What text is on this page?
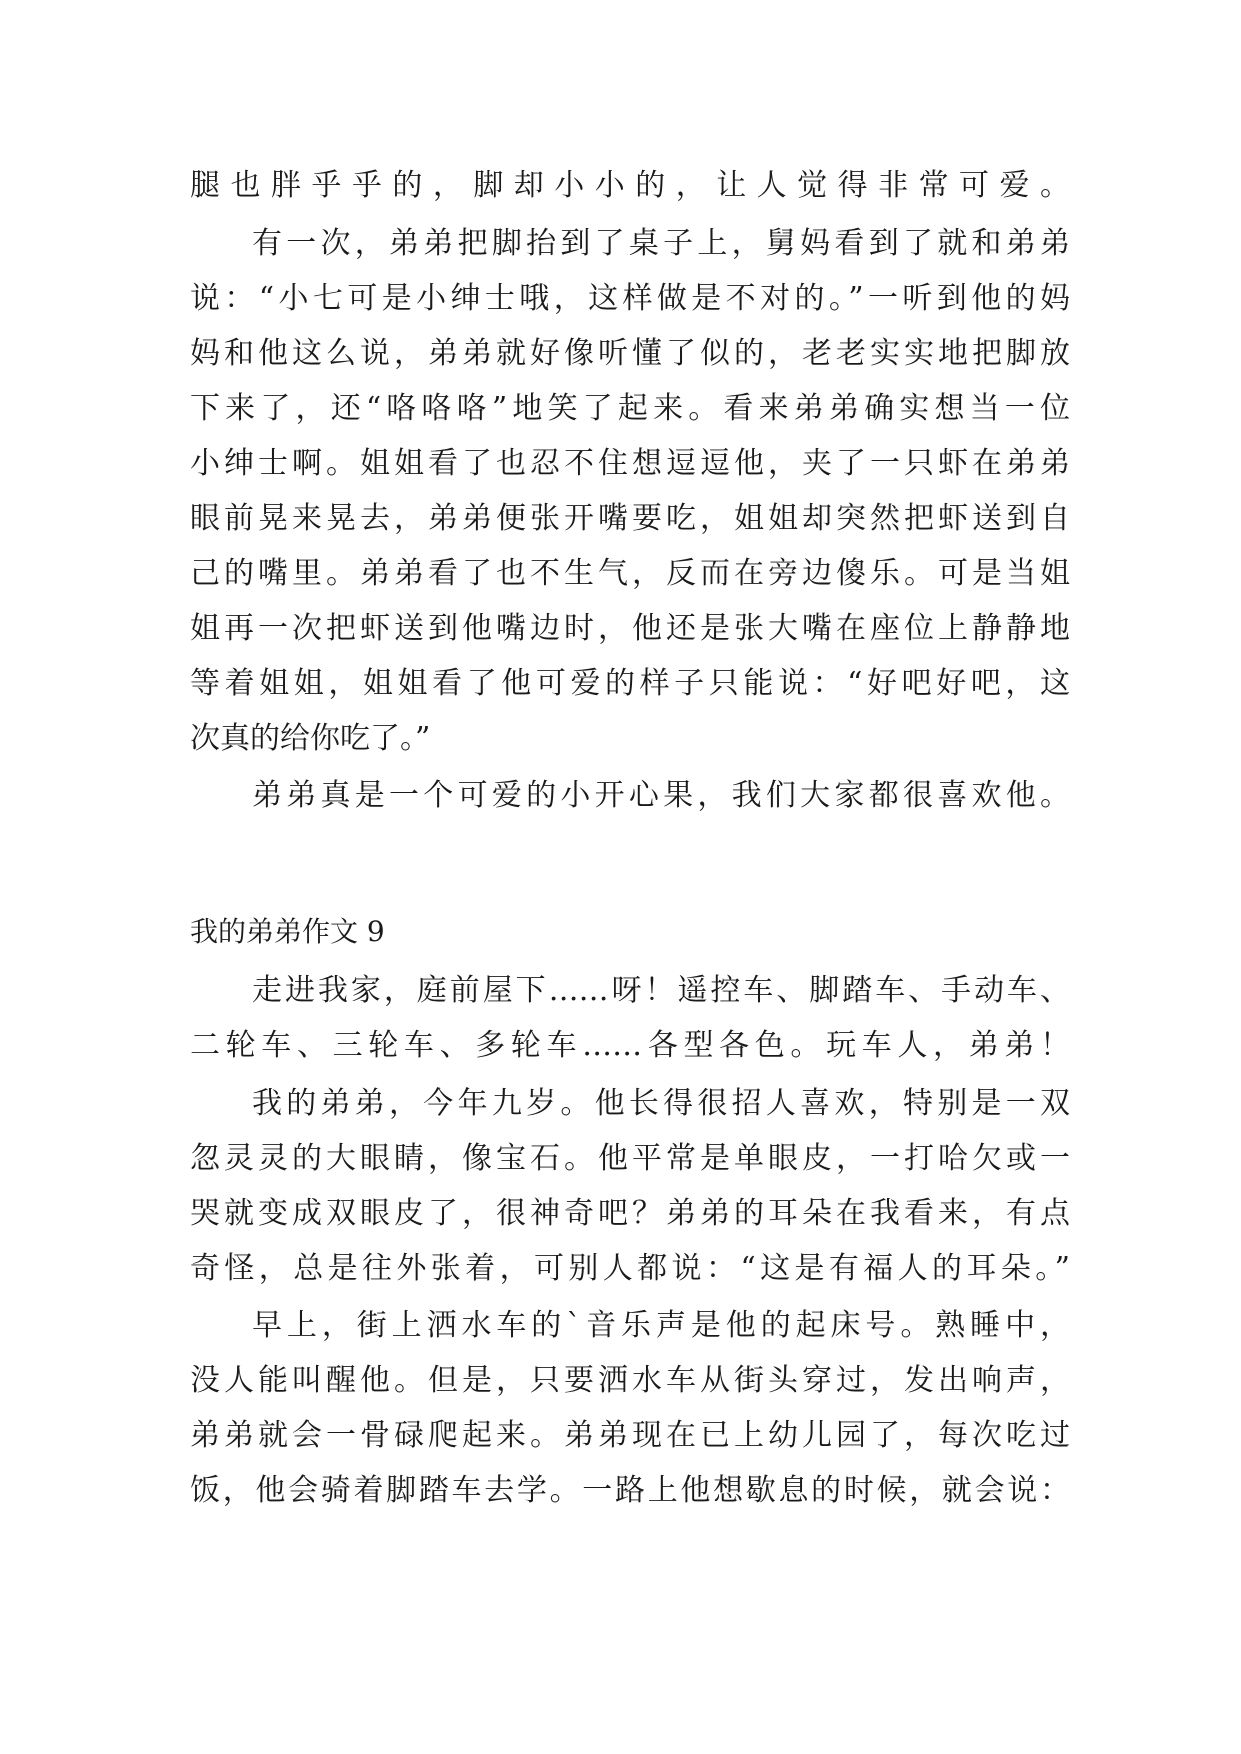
腿也胖乎乎的，脚却小小的，让人觉得非常可爱。
有一次，弟弟把脚抬到了桌子上，舅妈看到了就和弟弟
说：“小七可是小绅士哦，这样做是不对的。”一听到他的妈
妈和他这么说，弟弟就好像听懂了似的，老老实实地把脚放
下来了，还“咯咯咯”地笑了起来。看来弟弟确实想当一位
小绅士啊。姐姐看了也忍不住想逗逗他，夹了一只虾在弟弟
眼前晃来晃去，弟弟便张开嘴要吃，姐姐却突然把虾送到自
己的嘴里。弟弟看了也不生气，反而在旁边傻乐。可是当姐
姐再一次把虾送到他嘴边时，他还是张大嘴在座位上静静地
等着姐姐，姐姐看了他可爱的样子只能说：“好吧好吧，这
次真的给你吃了。”
弟弟真是一个可爱的小开心果，我们大家都很喜欢他。
我的弟弟作文 9
走进我家，庭前屋下……呀！遥控车、脚踏车、手动车、
二轮车、三轮车、多轮车……各型各色。玩车人，弟弟！
我的弟弟，今年九岁。他长得很招人喜欢，特别是一双
忽灵灵的大眼睛，像宝石。他平常是单眼皮，一打哈欠或一
哭就变成双眼皮了，很神奇吧？弟弟的耳朵在我看来，有点
奇怪，总是往外张着，可别人都说：“这是有福人的耳朵。”
早上，街上洒水车的`音乐声是他的起床号。熟睡中，
没人能叫醒他。但是，只要洒水车从街头穿过，发出响声，
弟弟就会一骨碌爬起来。弟弟现在已上幼儿园了，每次吃过
饭，他会骑着脚踏车去学。一路上他想歇息的时候，就会说：
